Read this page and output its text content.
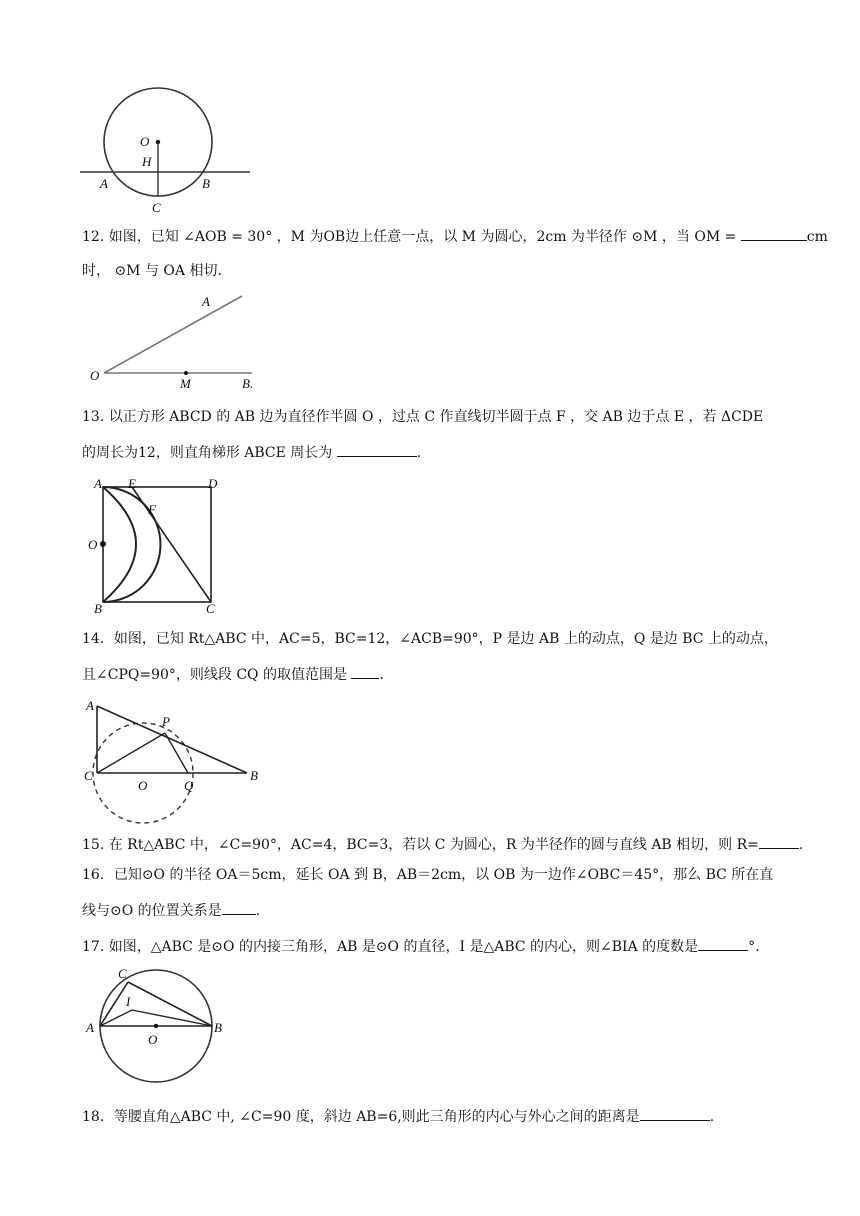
O
H
A	B
C
12. 如图，已知 ∠AOB = 30° ，M 为OB边上任意一点，以 M 为圆心，2cm 为半径作 ⊙M ，当 OM =	cm
时， ⊙M 与 OA 相切.
A
O
M	B.
13. 以正方形 ABCD 的 AB 边为直径作半圆 O ，过点 C 作直线切半圆于点 F ，交 AB 边于点 E ，若 ΔCDE
的周长为12，则直角梯形 ABCE 周长为	.
A E	D
F
O
B	C
14．如图，已知 Rt△ABC 中，AC=5，BC=12，∠ACB=90°，P 是边 AB 上的动点，Q 是边 BC 上的动点，
且∠CPQ=90°，则线段 CQ 的取值范围是 .
A
P
C
O	Q
B
15. 在 Rt△ABC 中，∠C=90°，AC=4，BC=3，若以 C 为圆心，R 为半径作的圆与直线 AB 相切，则 R=	.
16．已知⊙O 的半径 OA＝5cm，延长 OA 到 B，AB＝2cm，以 OB 为一边作∠OBC＝45°，那么 BC 所在直
线与⊙O 的位置关系是 .
17. 如图，△ABC 是⊙O 的内接三角形，AB 是⊙O 的直径，I 是△ABC 的内心，则∠BIA 的度数是	°.
C
I
A
O
B
18．等腰直角△ABC 中, ∠C=90 度，斜边 AB=6,则此三角形的内心与外心之间的距离是	.
